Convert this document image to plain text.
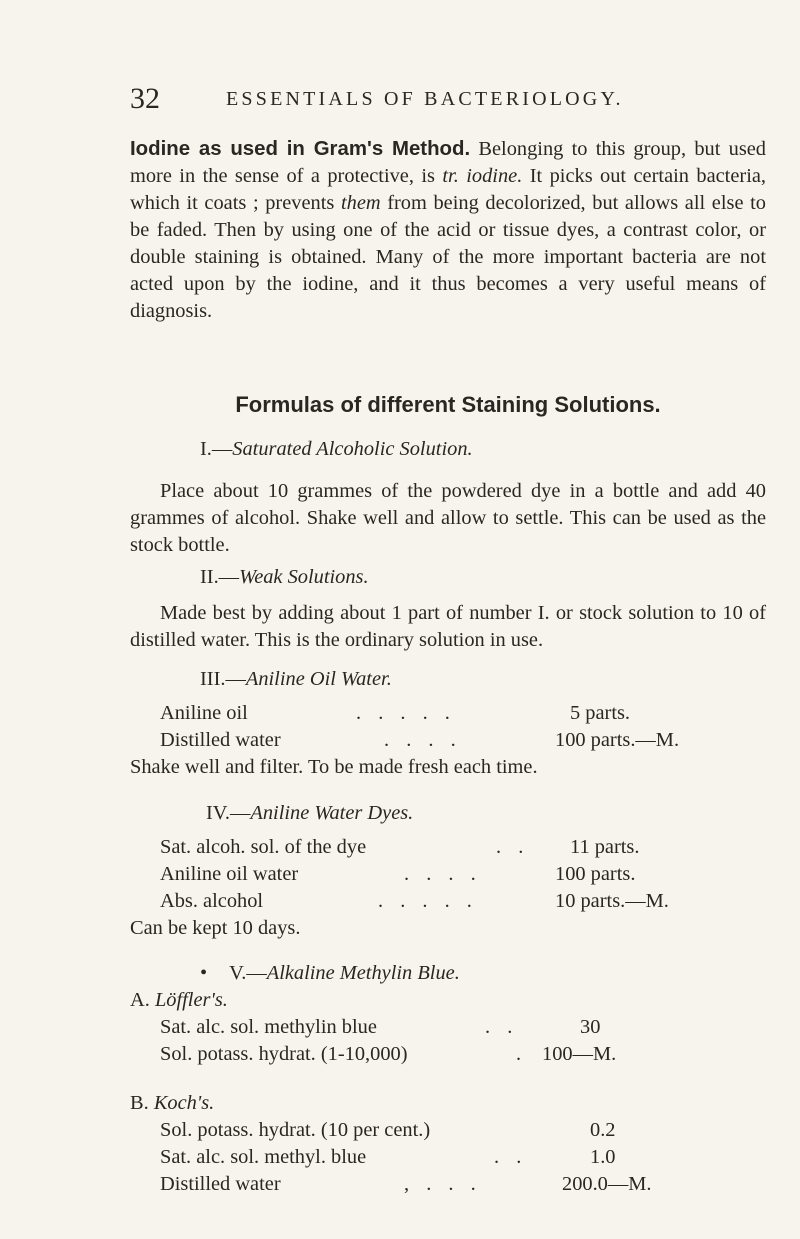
32	ESSENTIALS OF BACTERIOLOGY.

Iodine as used in Gram's Method. Belonging to this group, but used more in the sense of a protective, is tr. iodine. It picks out certain bacteria, which it coats ; prevents them from being decolorized, but allows all else to be faded. Then by using one of the acid or tissue dyes, a contrast color, or double staining is obtained. Many of the more important bacteria are not acted upon by the iodine, and it thus becomes a very useful means of diagnosis.

Formulas of different Staining Solutions.
I.—Saturated Alcoholic Solution.

Place about 10 grammes of the powdered dye in a bottle and add 40 grammes of alcohol. Shake well and allow to settle. This can be used as the stock bottle.

II.—Weak Solutions.

Made best by adding about 1 part of number I. or stock solution to 10 of distilled water. This is the ordinary solution in use.

III.—Aniline Oil Water.
Aniline oil	. . . . .	5 parts.
Distilled water	. . . .	100 parts.—M.
Shake well and filter. To be made fresh each time.
IV.—Aniline Water Dyes.
Sat. alcoh. sol. of the dye	. . 11 parts.
Aniline oil water	. . . .	100 parts.
Abs. alcohol	. . . . .	10 parts.—M.
Can be kept 10 days.
• V.—Alkaline Methylin Blue.
A. Löffler's.
Sat. alc. sol. methylin blue	. .	30
Sol. potass. hydrat. (1-10,000)	. 100—M.
B. Koch's.
Sol. potass. hydrat. (10 per cent.)	0.2
Sat. alc. sol. methyl. blue	. .	1.0
Distilled water	, . . .	200.0—M.
